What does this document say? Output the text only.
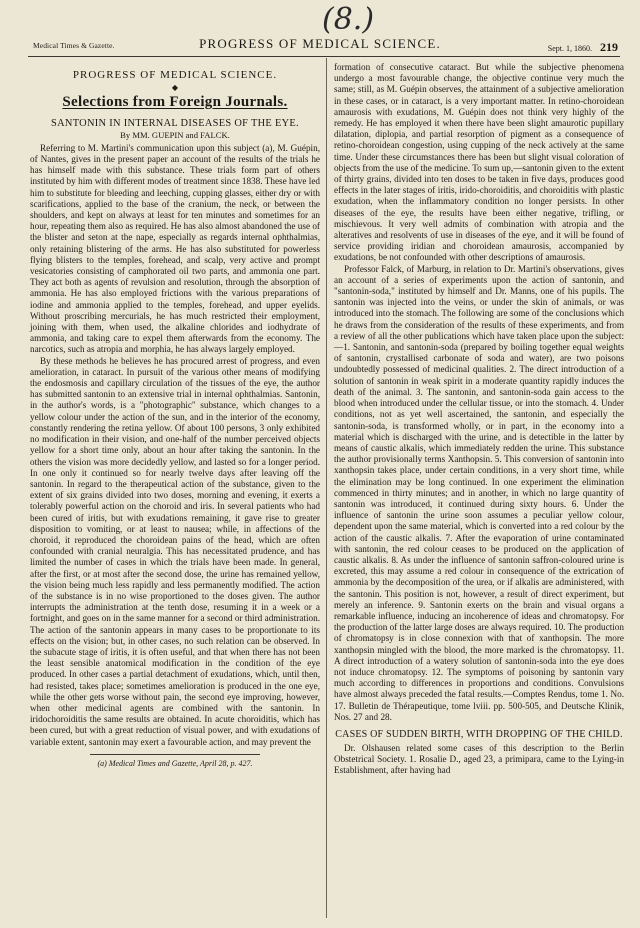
(8.)
Medical Times & Gazette.	PROGRESS OF MEDICAL SCIENCE.	Sept. 1, 1860. 219
PROGRESS OF MEDICAL SCIENCE.
◆
Selections from Foreign Journals.
SANTONIN IN INTERNAL DISEASES OF THE EYE.
By MM. GUEPIN and FALCK.

Referring to M. Martini's communication upon this subject (a), M. Guépin, of Nantes, gives in the present paper an account of the results of the trials he has himself made with this substance. These trials form part of others instituted by him with different modes of treatment since 1838. These have led him to substitute for bleeding and leeching, cupping glasses, either dry or with scarifications, applied to the base of the cranium, the neck, or between the shoulders, and kept on always at least for ten minutes and sometimes for an hour, repeating them also as required. He has also almost abandoned the use of the blister and seton at the nape, especially as regards internal ophthalmias, only retaining blistering of the arms. He has also substituted for powerless flying blisters to the temples, forehead, and scalp, very active and prompt vesicatories consisting of camphorated oil two parts, and ammonia one part. They act both as agents of revulsion and resolution, through the absorption of ammonia. He has also employed frictions with the various preparations of iodine and ammonia applied to the temples, forehead, and upper eyelids. Without proscribing mercurials, he has much restricted their employment, joining with them, when used, the alkaline chlorides and iodhydrate of ammonia, and taking care to expel them afterwards from the economy. The narcotics, such as atropia and morphia, he has always largely employed.

By these methods he believes he has procured arrest of progress, and even amelioration, in cataract. In pursuit of the various other means of modifying the endosmosis and capillary circulation of the tissues of the eye, the author has submitted santonin to an extensive trial in internal ophthalmias. Santonin, in the author's words, is a "photographic" substance, which changes to a yellow colour under the action of the sun, and in the interior of the economy, constantly rendering the retina yellow. Of about 100 persons, 3 only exhibited no modification in their vision, and one-half of the number perceived objects yellow for a short time only, about an hour after taking the santonin. In the others the vision was more decidedly yellow, and lasted so for a longer period. In one only it continued so for nearly twelve days after leaving off the santonin. In regard to the therapeutical action of the substance, given to the extent of six grains divided into two doses, morning and evening, it exerts a tolerably powerful action on the choroid and iris. In several patients who had been cured of iritis, but with exudations remaining, it gave rise to greater disposition to vomiting, or at least to nausea; while, in affections of the choroid, it reproduced the choroidean pains of the head, which are often confounded with cranial neuralgia. This has necessitated prudence, and has limited the number of cases in which the trials have been made. In general, after the first, or at most after the second dose, the urine has remained yellow, the vision being much less rapidly and less permanently modified. The action of the substance is in no wise proportioned to the doses given. The author interrupts the administration at the tenth dose, resuming it in a week or a fortnight, and goes on in the same manner for a second or third administration. The action of the santonin appears in many cases to be proportionate to its effects on the vision; but, in other cases, no such relation can be observed. In the subacute stage of iritis, it is often useful, and that when there has not been the least sensible anatomical modification in the condition of the eye produced. In other cases a partial detachment of exudations, which, until then, had resisted, takes place; sometimes amelioration is produced in the one eye, while the other gets worse without pain, the second eye improving, however, when other medicinal agents are combined with the santonin. In iridochoroiditis the same results are obtained. In acute choroiditis, which has been cured, but with a great reduction of visual power, and with exudations of variable extent, santonin may exert a favourable action, and may prevent the

(a) Medical Times and Gazette, April 28, p. 427.

formation of consecutive cataract. But while the subjective phenomena undergo a most favourable change, the objective continue very much the same; still, as M. Guépin observes, the attainment of a subjective amelioration in these cases, or in cataract, is a very important matter. In retino-choroidean amaurosis with exudations, M. Guépin does not think very highly of the remedy. He has employed it when there have been slight amaurotic pupillary dilatation, diplopia, and partial resorption of pigment as a consequence of retino-choroidean congestion, using cupping of the neck actively at the same time. Under these circumstances there has been but slight visual coloration of objects from the use of the medicine. To sum up,—santonin given to the extent of thirty grains, divided into ten doses to be taken in five days, produces good effects in the later stages of iritis, irido-choroiditis, and choroiditis with plastic exudation, when the inflammatory condition no longer persists. In other diseases of the eye, the results have been either negative, trifling, or mischievous. It very well admits of combination with atropia and the alteratives and resolvents of use in diseases of the eye, and it will be found of service providing iridian and choroidean amaurosis, accompanied by exudations, be not confounded with other descriptions of amaurosis.

Professor Falck, of Marburg, in relation to Dr. Martini's observations, gives an account of a series of experiments upon the action of santonin, and "santonin-soda," instituted by himself and Dr. Manns, one of his pupils. The santonin was injected into the veins, or under the skin of animals, or was introduced into the stomach. The following are some of the conclusions which he draws from the consideration of the results of these experiments, and from a review of all the other publications which have taken place upon the subject:—1. Santonin, and santonin-soda (prepared by boiling together equal weights of santonin, crystallised carbonate of soda and water), are two poisons undoubtedly possessed of medicinal qualities. 2. The direct introduction of a solution of santonin in weak spirit in a moderate quantity rapidly induces the death of the animal. 3. The santonin, and santonin-soda gain access to the blood when introduced under the cellular tissue, or into the stomach. 4. Under conditions, not as yet well ascertained, the santonin, and especially the santonin-soda, is transformed wholly, or in part, in the economy into a material which is discharged with the urine, and is detectible in the latter by means of caustic alkalis, which immediately redden the urine. This substance the author provisionally terms Xanthopsin. 5. This conversion of santonin into xanthopsin takes place, under certain conditions, in a very short time, while the elimination may be long continued. In one experiment the elimination commenced in thirty minutes; and in another, in which no large quantity of santonin was introduced, it continued during sixty hours. 6. Under the influence of santonin the urine soon assumes a peculiar yellow colour, dependent upon the same material, which is converted into a red colour by the action of the caustic alkalis. 7. After the evaporation of urine contaminated with santonin, the red colour ceases to be produced on the application of caustic alkalis. 8. As under the influence of santonin saffron-coloured urine is excreted, this may assume a red colour in consequence of the extrication of ammonia by the decomposition of the urea, or if alkalis are administered, with the santonin. This position is not, however, a result of direct experiment, but merely an inference. 9. Santonin exerts on the brain and visual organs a remarkable influence, inducing an incoherence of ideas and chromatopsy. For the production of the latter large doses are always required. 10. The production of chromatopsy is in close connexion with that of xanthopsin. The more xanthopsin mingled with the blood, the more marked is the chromatopsy. 11. A direct introduction of a watery solution of santonin-soda into the eye does not induce chromatopsy. 12. The symptoms of poisoning by santonin vary much according to differences in proportions and conditions. Convulsions have almost always preceded the fatal results.—Comptes Rendus, tome 1. No. 17. Bulletin de Thérapeutique, tome lviii. pp. 500-505, and Deutsche Klinik, Nos. 27 and 28.

CASES OF SUDDEN BIRTH, WITH DROPPING OF THE CHILD.

Dr. Olshausen related some cases of this description to the Berlin Obstetrical Society. 1. Rosalie D., aged 23, a primipara, came to the Lying-in Establishment, after having had
